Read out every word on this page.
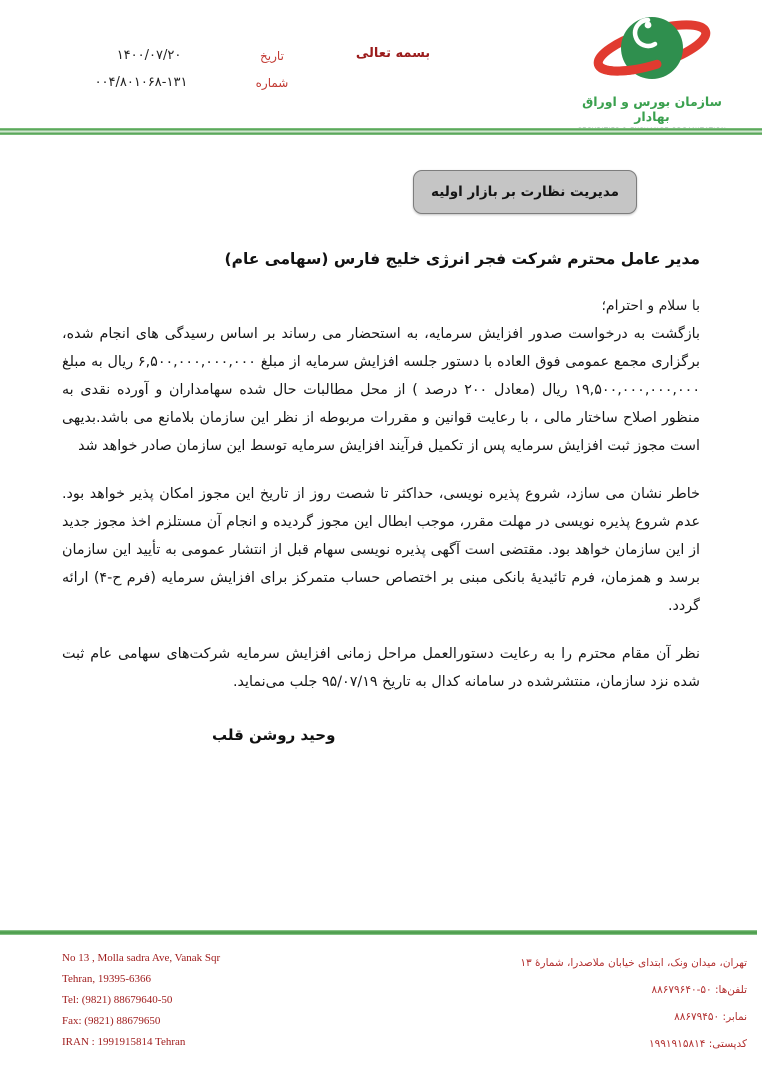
تاریخ
۱۴۰۰/۰۷/۲۰
شماره
۰۰۴/۸۰۱۰۶۸-۱۳۱
بسمه تعالی
سازمان بورس و اوراق بهادار
مدیریت نظارت بر بازار اولیه
مدیر عامل محترم شرکت فجر انرژی خلیج فارس (سهامی عام)

با سلام و احترام؛

بازگشت به درخواست صدور افزایش سرمایه، به استحضار می رساند بر اساس رسیدگی های انجام شده، برگزاری مجمع عمومی فوق العاده با دستور جلسه افزایش سرمایه از مبلغ ۶,۵۰۰,۰۰۰,۰۰۰,۰۰۰ ریال به مبلغ ۱۹,۵۰۰,۰۰۰,۰۰۰,۰۰۰ ریال (معادل ۲۰۰ درصد ) از محل مطالبات حال شده سهامداران و آورده نقدی به منظور اصلاح ساختار مالی ، با رعایت قوانین و مقررات مربوطه از نظر این سازمان بلامانع می باشد.بدیهی است مجوز ثبت افزایش سرمایه پس از تکمیل فرآیند افزایش سرمایه توسط این سازمان صادر خواهد شد

خاطر نشان می سازد، شروع پذیره نویسی، حداکثر تا شصت روز از تاریخ این مجوز امکان پذیر خواهد بود. عدم شروع پذیره نویسی در مهلت مقرر، موجب ابطال این مجوز گردیده و انجام آن مستلزم اخذ مجوز جدید از این سازمان خواهد بود. مقتضی است آگهی پذیره نویسی سهام قبل از انتشار عمومی به تأیید این سازمان برسد و همزمان، فرم تائیدیۀ بانکی مبنی بر اختصاص حساب متمرکز برای افزایش سرمایه (فرم ح-۴) ارائه گردد.

نظر آن مقام محترم را به رعایت دستورالعمل مراحل زمانی افزایش سرمایه شرکت‌های سهامی عام ثبت شده نزد سازمان، منتشرشده در سامانه کدال به تاریخ ۹۵/۰۷/۱۹ جلب می‌نماید.

وحید روشن قلب
No 13 , Molla sadra Ave, Vanak Sqr
Tehran, 19395-6366
Tel: (9821) 88679640-50
Fax: (9821) 88679650
IRAN : 1991915814 Tehran
تهران، میدان ونک، ابتدای خیابان ملاصدرا، شمارهٔ ۱۳
تلفن‌ها: ۸۸۶۷۹۶۴۰-۵۰
نمابر: ۸۸۶۷۹۴۵۰
کدپستی: ۱۹۹۱۹۱۵۸۱۴
